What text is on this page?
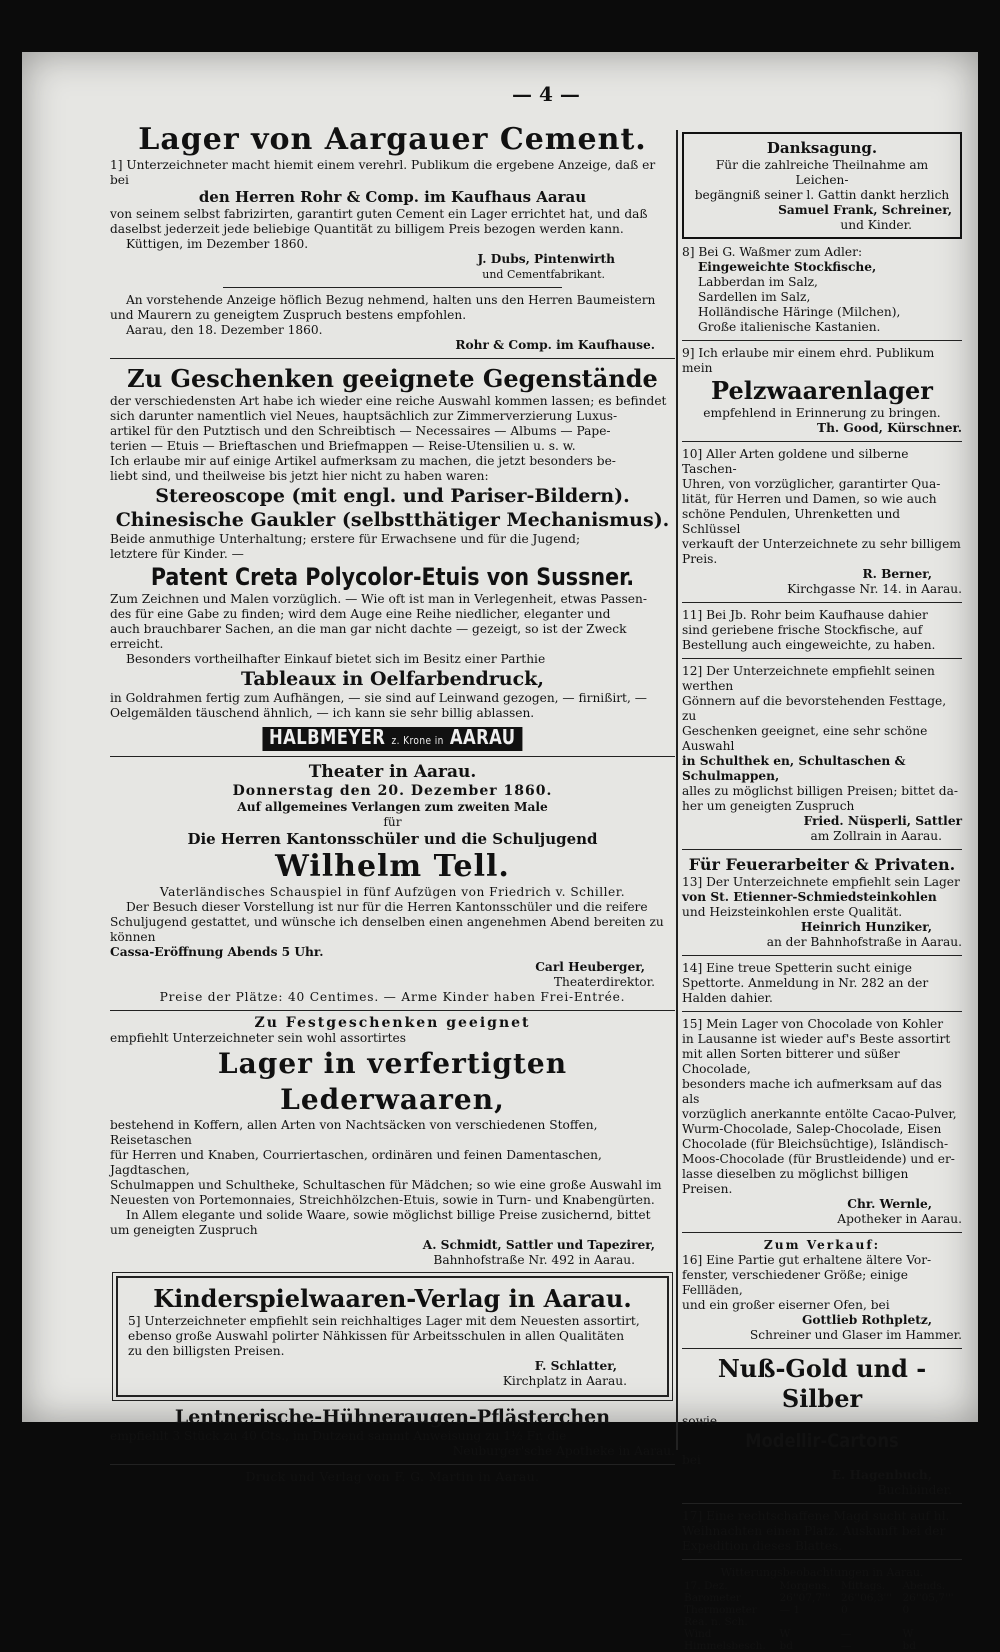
— 4 —
Lager von Aargauer Cement.

1] Unterzeichneter macht hiemit einem verehrl. Publikum die ergebene Anzeige, daß er bei

den Herren Rohr & Comp. im Kaufhaus Aarau

von seinem selbst fabrizirten, garantirt guten Cement ein Lager errichtet hat, und daß

daselbst jederzeit jede beliebige Quantität zu billigem Preis bezogen werden kann.

Küttigen, im Dezember 1860.

J. Dubs, Pintenwirth

und Cementfabrikant.

An vorstehende Anzeige höflich Bezug nehmend, halten uns den Herren Baumeistern

und Maurern zu geneigtem Zuspruch bestens empfohlen.

Aarau, den 18. Dezember 1860.

Rohr & Comp. im Kaufhause.

Zu Geschenken geeignete Gegenstände

der verschiedensten Art habe ich wieder eine reiche Auswahl kommen lassen; es befindet

sich darunter namentlich viel Neues, hauptsächlich zur Zimmerverzierung Luxus-

artikel für den Putztisch und den Schreibtisch — Necessaires — Albums — Pape-

terien — Etuis — Brieftaschen und Briefmappen — Reise-Utensilien u. s. w.

Ich erlaube mir auf einige Artikel aufmerksam zu machen, die jetzt besonders be-

liebt sind, und theilweise bis jetzt hier nicht zu haben waren:

Stereoscope (mit engl. und Pariser-Bildern).
Chinesische Gaukler (selbstthätiger Mechanismus).

Beide anmuthige Unterhaltung; erstere für Erwachsene und für die Jugend;

letztere für Kinder. —

Patent Creta Polycolor-Etuis von Sussner.

Zum Zeichnen und Malen vorzüglich. — Wie oft ist man in Verlegenheit, etwas Passen-

des für eine Gabe zu finden; wird dem Auge eine Reihe niedlicher, eleganter und

auch brauchbarer Sachen, an die man gar nicht dachte — gezeigt, so ist der Zweck erreicht.

Besonders vortheilhafter Einkauf bietet sich im Besitz einer Parthie

Tableaux in Oelfarbendruck,

in Goldrahmen fertig zum Aufhängen, — sie sind auf Leinwand gezogen, — firnißirt, —

Oelgemälden täuschend ähnlich, — ich kann sie sehr billig ablassen.

HALBMEYER z. Krone in AARAU
Theater in Aarau.
Donnerstag den 20. Dezember 1860.
Auf allgemeines Verlangen zum zweiten Male
für
Die Herren Kantonsschüler und die Schuljugend
Wilhelm Tell.

Vaterländisches Schauspiel in fünf Aufzügen von Friedrich v. Schiller.

Der Besuch dieser Vorstellung ist nur für die Herren Kantonsschüler und die reifere

Schuljugend gestattet, und wünsche ich denselben einen angenehmen Abend bereiten zu können

Cassa-Eröffnung Abends 5 Uhr.

Carl Heuberger,

Theaterdirektor.

Preise der Plätze: 40 Centimes. — Arme Kinder haben Frei-Entrée.

Zu Festgeschenken geeignet

empfiehlt Unterzeichneter sein wohl assortirtes

Lager in verfertigten Lederwaaren,

bestehend in Koffern, allen Arten von Nachtsäcken von verschiedenen Stoffen, Reisetaschen

für Herren und Knaben, Courriertaschen, ordinären und feinen Damentaschen, Jagdtaschen,

Schulmappen und Schultheke, Schultaschen für Mädchen; so wie eine große Auswahl im

Neuesten von Portemonnaies, Streichhölzchen-Etuis, sowie in Turn- und Knabengürten.

In Allem elegante und solide Waare, sowie möglichst billige Preise zusichernd, bittet

um geneigten Zuspruch

A. Schmidt, Sattler und Tapezirer,

Bahnhofstraße Nr. 492 in Aarau.

Kinderspielwaaren-Verlag in Aarau.

5] Unterzeichneter empfiehlt sein reichhaltiges Lager mit dem Neuesten assortirt,

ebenso große Auswahl polirter Nähkissen für Arbeitsschulen in allen Qualitäten

zu den billigsten Preisen.

F. Schlatter,

Kirchplatz in Aarau.

Lentnerische-Hühneraugen-Pflästerchen

empfiehlt 3 Stück zu 40 Cts., im Dutzend sammt Anweisung zu 1½ Fr. die

Neuburger'sche Apotheke in Aarau.

Druck und Verlag von F. G. Martin in Aarau.

Danksagung.

Für die zahlreiche Theilnahme am Leichen-

begängniß seiner l. Gattin dankt herzlich

Samuel Frank, Schreiner,

und Kinder.

8] Bei G. Waßmer zum Adler:

Eingeweichte Stockfische,

Labberdan im Salz,

Sardellen im Salz,

Holländische Häringe (Milchen),

Große italienische Kastanien.

9] Ich erlaube mir einem ehrd. Publikum mein

Pelzwaarenlager

empfehlend in Erinnerung zu bringen.

Th. Good, Kürschner.

10] Aller Arten goldene und silberne Taschen-

Uhren, von vorzüglicher, garantirter Qua-

lität, für Herren und Damen, so wie auch

schöne Pendulen, Uhrenketten und Schlüssel

verkauft der Unterzeichnete zu sehr billigem

Preis.

R. Berner,

Kirchgasse Nr. 14. in Aarau.

11] Bei Jb. Rohr beim Kaufhause dahier

sind geriebene frische Stockfische, auf

Bestellung auch eingeweichte, zu haben.

12] Der Unterzeichnete empfiehlt seinen werthen

Gönnern auf die bevorstehenden Festtage, zu

Geschenken geeignet, eine sehr schöne Auswahl

in Schulthek en, Schultaschen & Schulmappen,

alles zu möglichst billigen Preisen; bittet da-

her um geneigten Zuspruch

Fried. Nüsperli, Sattler

am Zollrain in Aarau.

Für Feuerarbeiter & Privaten.

13] Der Unterzeichnete empfiehlt sein Lager

von St. Etienner-Schmiedsteinkohlen

und Heizsteinkohlen erste Qualität.

Heinrich Hunziker,

an der Bahnhofstraße in Aarau.

14] Eine treue Spetterin sucht einige

Spettorte. Anmeldung in Nr. 282 an der

Halden dahier.

15] Mein Lager von Chocolade von Kohler

in Lausanne ist wieder auf's Beste assortirt

mit allen Sorten bitterer und süßer Chocolade,

besonders mache ich aufmerksam auf das als

vorzüglich anerkannte entölte Cacao-Pulver,

Wurm-Chocolade, Salep-Chocolade, Eisen

Chocolade (für Bleichsüchtige), Isländisch-

Moos-Chocolade (für Brustleidende) und er-

lasse dieselben zu möglichst billigen Preisen.

Chr. Wernle,

Apotheker in Aarau.

Zum Verkauf:

16] Eine Partie gut erhaltene ältere Vor-

fenster, verschiedener Größe; einige Fellläden,

und ein großer eiserner Ofen, bei

Gottlieb Rothpletz,

Schreiner und Glaser im Hammer.

Nuß-Gold und -Silber

sowie

Modellir-Cartons

bei

E. Hagenbuch,

Buchbinder.

17] Eine rechtschaffene Magd sucht auf hl.

Weihnachten einen Platz. Auskunft bei der

Expedition dieses Blattes.

Witterungsbeobachtungen in Aarau.

17. Dez.	Morgens.	Mittags.	Abends.
Barometer	26''07,7'''	26''06,3'''	26''05,7'''
Thermometer	— 1	0	0
Rea. n. Sch.			
Wind	W	—	W
Himmelsbesch.	bd	—	bd
